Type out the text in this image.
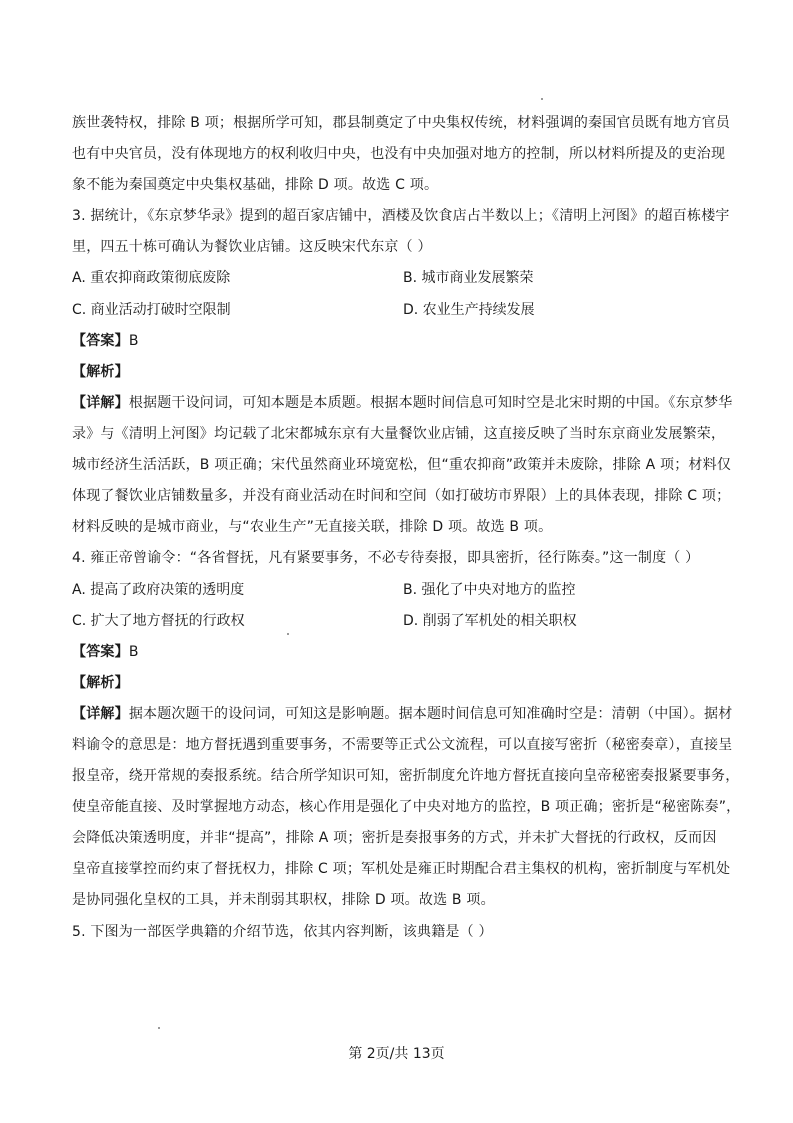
族世袭特权，排除 B 项；根据所学可知，郡县制奠定了中央集权传统，材料强调的秦国官员既有地方官员
也有中央官员，没有体现地方的权利收归中央，也没有中央加强对地方的控制，所以材料所提及的吏治现
象不能为秦国奠定中央集权基础，排除 D 项。故选 C 项。
3. 据统计，《东京梦华录》提到的超百家店铺中，酒楼及饮食店占半数以上；《清明上河图》的超百栋楼宇
里，四五十栋可确认为餐饮业店铺。这反映宋代东京（ ）
A. 重农抑商政策彻底废除	B. 城市商业发展繁荣
C. 商业活动打破时空限制	D. 农业生产持续发展
【答案】B
【解析】
【详解】根据题干设问词，可知本题是本质题。根据本题时间信息可知时空是北宋时期的中国。《东京梦华
录》与《清明上河图》均记载了北宋都城东京有大量餐饮业店铺，这直接反映了当时东京商业发展繁荣，
城市经济生活活跃，B 项正确；宋代虽然商业环境宽松，但“重农抑商”政策并未废除，排除 A 项；材料仅
体现了餐饮业店铺数量多，并没有商业活动在时间和空间（如打破坊市界限）上的具体表现，排除 C 项；
材料反映的是城市商业，与“农业生产”无直接关联，排除 D 项。故选 B 项。
4. 雍正帝曾谕令：“各省督抚，凡有紧要事务，不必专待奏报，即具密折，径行陈奏。”这一制度（ ）
A. 提高了政府决策的透明度	B. 强化了中央对地方的监控
C. 扩大了地方督抚的行政权	D. 削弱了军机处的相关职权
【答案】B
【解析】
【详解】据本题次题干的设问词，可知这是影响题。据本题时间信息可知准确时空是：清朝（中国）。据材
料谕令的意思是：地方督抚遇到重要事务，不需要等正式公文流程，可以直接写密折（秘密奏章），直接呈
报皇帝，绕开常规的奏报系统。结合所学知识可知，密折制度允许地方督抚直接向皇帝秘密奏报紧要事务，
使皇帝能直接、及时掌握地方动态，核心作用是强化了中央对地方的监控，B 项正确；密折是“秘密陈奏”，
会降低决策透明度，并非“提高”，排除 A 项；密折是奏报事务的方式，并未扩大督抚的行政权，反而因
皇帝直接掌控而约束了督抚权力，排除 C 项；军机处是雍正时期配合君主集权的机构，密折制度与军机处
是协同强化皇权的工具，并未削弱其职权，排除 D 项。故选 B 项。
5. 下图为一部医学典籍的介绍节选，依其内容判断，该典籍是（ ）
第 2页/共 13页
